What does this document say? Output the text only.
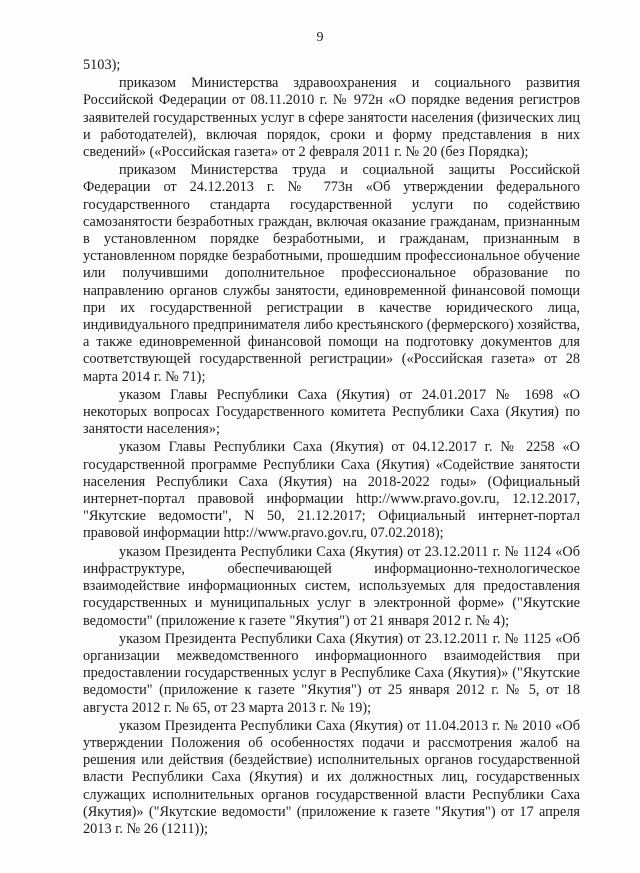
9

5103);

приказом Министерства здравоохранения и социального развития Российской Федерации от 08.11.2010 г. № 972н «О порядке ведения регистров заявителей государственных услуг в сфере занятости населения (физических лиц и работодателей), включая порядок, сроки и форму представления в них сведений» («Российская газета» от 2 февраля 2011 г. № 20 (без Порядка);

приказом Министерства труда и социальной защиты Российской Федерации от 24.12.2013 г. № 773н «Об утверждении федерального государственного стандарта государственной услуги по содействию самозанятости безработных граждан, включая оказание гражданам, признанным в установленном порядке безработными, и гражданам, признанным в установленном порядке безработными, прошедшим профессиональное обучение или получившими дополнительное профессиональное образование по направлению органов службы занятости, единовременной финансовой помощи при их государственной регистрации в качестве юридического лица, индивидуального предпринимателя либо крестьянского (фермерского) хозяйства, а также единовременной финансовой помощи на подготовку документов для соответствующей государственной регистрации» («Российская газета» от 28 марта 2014 г. № 71);

указом Главы Республики Саха (Якутия) от 24.01.2017 № 1698 «О некоторых вопросах Государственного комитета Республики Саха (Якутия) по занятости населения»;

указом Главы Республики Саха (Якутия) от 04.12.2017 г. № 2258 «О государственной программе Республики Саха (Якутия) «Содействие занятости населения Республики Саха (Якутия) на 2018-2022 годы» (Официальный интернет-портал правовой информации http://www.pravo.gov.ru, 12.12.2017, "Якутские ведомости", N 50, 21.12.2017; Официальный интернет-портал правовой информации http://www.pravo.gov.ru, 07.02.2018);

указом Президента Республики Саха (Якутия) от 23.12.2011 г. № 1124 «Об инфраструктуре, обеспечивающей информационно-технологическое взаимодействие информационных систем, используемых для предоставления государственных и муниципальных услуг в электронной форме» ("Якутские ведомости" (приложение к газете "Якутия") от 21 января 2012 г. № 4);

указом Президента Республики Саха (Якутия) от 23.12.2011 г. № 1125 «Об организации межведомственного информационного взаимодействия при предоставлении государственных услуг в Республике Саха (Якутия)» ("Якутские ведомости" (приложение к газете "Якутия") от 25 января 2012 г. № 5, от 18 августа 2012 г. № 65, от 23 марта 2013 г. № 19);

указом Президента Республики Саха (Якутия) от 11.04.2013 г. № 2010 «Об утверждении Положения об особенностях подачи и рассмотрения жалоб на решения или действия (бездействие) исполнительных органов государственной власти Республики Саха (Якутия) и их должностных лиц, государственных служащих исполнительных органов государственной власти Республики Саха (Якутия)» ("Якутские ведомости" (приложение к газете "Якутия") от 17 апреля 2013 г. № 26 (1211));
